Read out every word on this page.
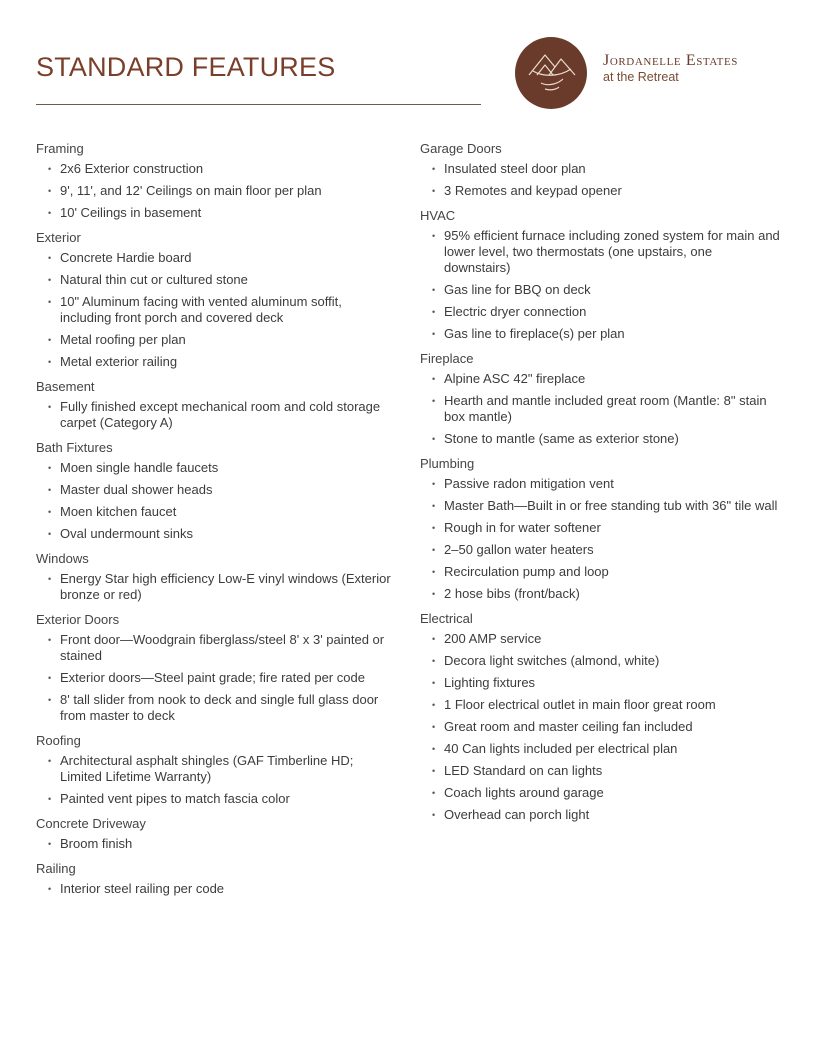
STANDARD FEATURES	Jordanelle Estates
at the Retreat
Framing
• 2x6 Exterior construction
• 9', 11', and 12' Ceilings on main floor per plan
• 10' Ceilings in basement
Exterior
• Concrete Hardie board
• Natural thin cut or cultured stone
• 10" Aluminum facing with vented aluminum soffit, including front porch and covered deck
• Metal roofing per plan
• Metal exterior railing
Basement
• Fully finished except mechanical room and cold storage carpet (Category A)
Bath Fixtures
• Moen single handle faucets
• Master dual shower heads
• Moen kitchen faucet
• Oval undermount sinks
Windows
• Energy Star high efficiency Low-E vinyl windows (Exterior bronze or red)
Exterior Doors
• Front door—Woodgrain fiberglass/steel 8' x 3' painted or stained
• Exterior doors—Steel paint grade; fire rated per code
• 8' tall slider from nook to deck and single full glass door from master to deck
Roofing
• Architectural asphalt shingles (GAF Timberline HD; Limited Lifetime Warranty)
• Painted vent pipes to match fascia color
Concrete Driveway
• Broom finish
Railing
• Interior steel railing per code
Garage Doors
• Insulated steel door plan
• 3 Remotes and keypad opener
HVAC
• 95% efficient furnace including zoned system for main and lower level, two thermostats (one upstairs, one downstairs)
• Gas line for BBQ on deck
• Electric dryer connection
• Gas line to fireplace(s) per plan
Fireplace
• Alpine ASC 42" fireplace
• Hearth and mantle included great room (Mantle: 8" stain box mantle)
• Stone to mantle (same as exterior stone)
Plumbing
• Passive radon mitigation vent
• Master Bath—Built in or free standing tub with 36" tile wall
• Rough in for water softener
• 2–50 gallon water heaters
• Recirculation pump and loop
• 2 hose bibs (front/back)
Electrical
• 200 AMP service
• Decora light switches (almond, white)
• Lighting fixtures
• 1 Floor electrical outlet in main floor great room
• Great room and master ceiling fan included
• 40 Can lights included per electrical plan
• LED Standard on can lights
• Coach lights around garage
• Overhead can porch light
